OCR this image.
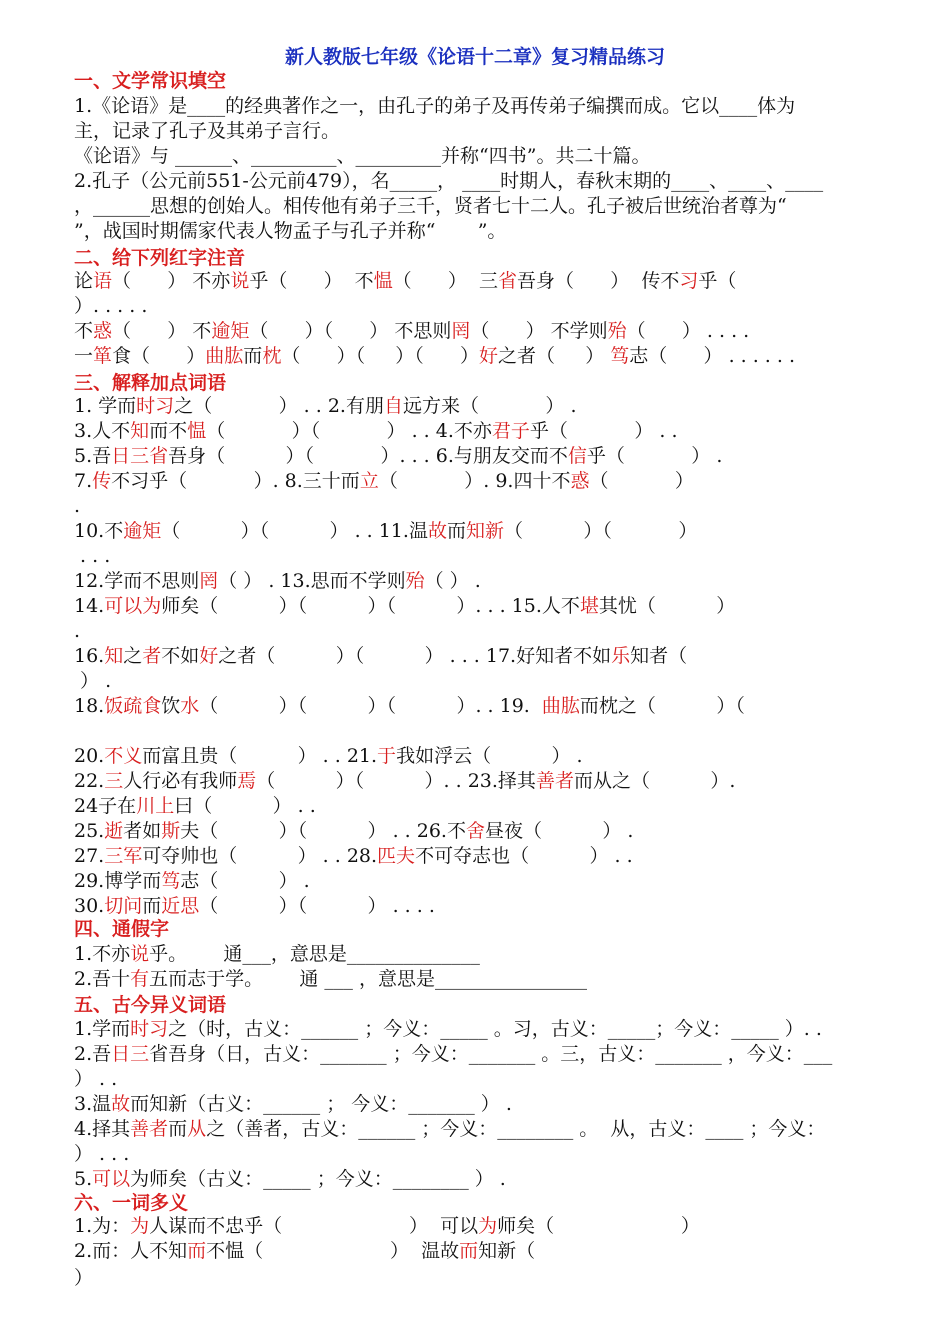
新人教版七年级《论语十二章》复习精品练习
一、文学常识填空
1.《论语》是____的经典著作之一，由孔子的弟子及再传弟子编撰而成。它以____体为
主，记录了孔子及其弟子言行。
《论语》与 ______、_________、_________并称“四书”。共二十篇。
2.孔子（公元前551-公元前479），名_____， ____时期人，春秋末期的____、____、____
，______思想的创始人。相传他有弟子三千，贤者七十二人。孔子被后世统治者尊为“
”，战国时期儒家代表人物孟子与孔子并称“       ”。
二、给下列红字注音
论语（      ） 不亦说乎（      ）  不愠（      ）  三省吾身（      ）  传不习乎（
）. . . . .
不惑（      ） 不逾矩（      ）（      ） 不思则罔（      ） 不学则殆（      ） . . . .
一箪食（      ）曲肱而枕（      ）（     ）（      ）好之者（     ） 笃志（      ） . . . . . .
三、解释加点词语
1. 学而时习之（           ） . . 2.有朋自远方来（           ） .
3.人不知而不愠（           ）（           ） . . 4.不亦君子乎（           ） . .
5.吾日三省吾身（          ）（           ）. . . 6.与朋友交而不信乎（           ） .
7.传不习乎（           ）. 8.三十而立（           ）. 9.四十不惑（           ）
.
10.不逾矩（          ）（          ） . . 11.温故而知新（          ）（           ）
. . .
12.学而不思则罔（ ） . 13.思而不学则殆（ ） .
14.可以为师矣（          ）（          ）（          ）. . . 15.人不堪其忧（          ）
.
16.知之者不如好之者（          ）（          ） . . . 17.好知者不如乐知者（
） .
18.饭疏食饮水（          ）（          ）（          ）. . 19.  曲肱而枕之（          ）（
20.不义而富且贵（          ） . . 21.于我如浮云（          ） .
22.三人行必有我师焉（          ）（          ）. . 23.择其善者而从之（          ）.
24子在川上曰（          ） . .
25.逝者如斯夫（          ）（          ） . . 26.不舍昼夜（          ） .
27.三军可夺帅也（          ） . . 28.匹夫不可夺志也（          ） . .
29.博学而笃志（          ） .
30.切问而近思（          ）（          ） . . . .
四、通假字
1.不亦说乎。      通___，意思是______________
2.吾十有五而志于学。      通 ___ ，意思是________________
五、古今异义词语
1.学而时习之（时，古义：______ ；今义：_____ 。习，古义：_____；今义：_____ ）. .
2.吾日三省吾身（日，古义：_______ ；今义：_______ 。三，古义：_______ ，今义：___
） . .
3.温故而知新（古义：______ ； 今义：_______ ） .
4.择其善者而从之（善者，古义：______ ；今义：________ 。  从，古义：____ ；今义：
） . . .
5.可以为师矣（古义：_____ ；今义：________ ） .
六、一词多义
1.为：为人谋而不忠乎（                     ）  可以为师矣（                     ）
2.而：人不知而不愠（                     ）  温故而知新（
）
